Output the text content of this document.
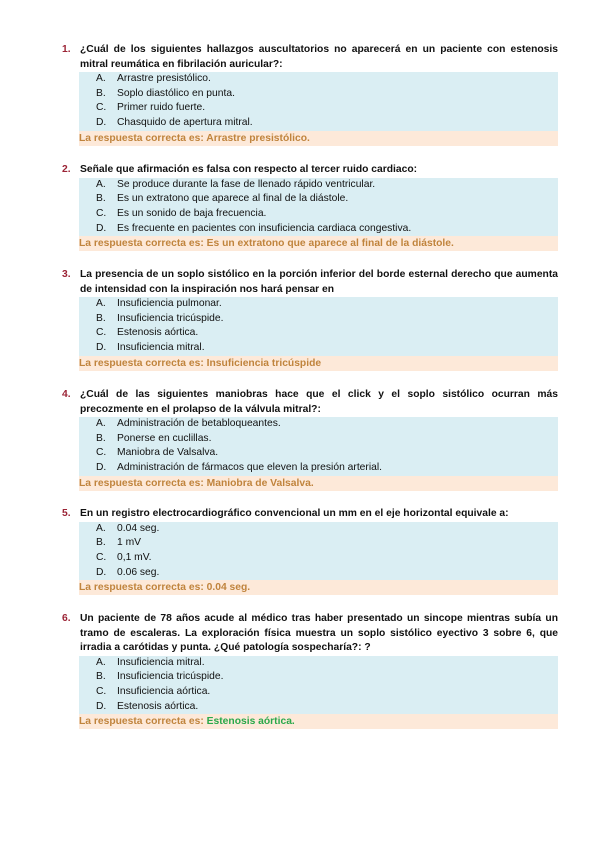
1. ¿Cuál de los siguientes hallazgos auscultatorios no aparecerá en un paciente con estenosis mitral reumática en fibrilación auricular?:
A. Arrastre presistólico.
B. Soplo diastólico en punta.
C. Primer ruido fuerte.
D. Chasquido de apertura mitral.
La respuesta correcta es: Arrastre presistólico.
2. Señale que afirmación es falsa con respecto al tercer ruido cardiaco:
A. Se produce durante la fase de llenado rápido ventricular.
B. Es un extratono que aparece al final de la diástole.
C. Es un sonido de baja frecuencia.
D. Es frecuente en pacientes con insuficiencia cardiaca congestiva.
La respuesta correcta es: Es un extratono que aparece al final de la diástole.
3. La presencia de un soplo sistólico en la porción inferior del borde esternal derecho que aumenta de intensidad con la inspiración nos hará pensar en
A. Insuficiencia pulmonar.
B. Insuficiencia tricúspide.
C. Estenosis aórtica.
D. Insuficiencia mitral.
La respuesta correcta es: Insuficiencia tricúspide
4. ¿Cuál de las siguientes maniobras hace que el click y el soplo sistólico ocurran más precozmente en el prolapso de la válvula mitral?:
A. Administración de betabloqueantes.
B. Ponerse en cuclillas.
C. Maniobra de Valsalva.
D. Administración de fármacos que eleven la presión arterial.
La respuesta correcta es: Maniobra de Valsalva.
5. En un registro electrocardiográfico convencional un mm en el eje horizontal equivale a:
A. 0.04 seg.
B. 1 mV
C. 0,1 mV.
D. 0.06 seg.
La respuesta correcta es: 0.04 seg.
6. Un paciente de 78 años acude al médico tras haber presentado un sincope mientras subía un tramo de escaleras. La exploración física muestra un soplo sistólico eyectivo 3 sobre 6, que irradia a carótidas y punta. ¿Qué patología sospecharía?: ?
A. Insuficiencia mitral.
B. Insuficiencia tricúspide.
C. Insuficiencia aórtica.
D. Estenosis aórtica.
La respuesta correcta es: Estenosis aórtica.
